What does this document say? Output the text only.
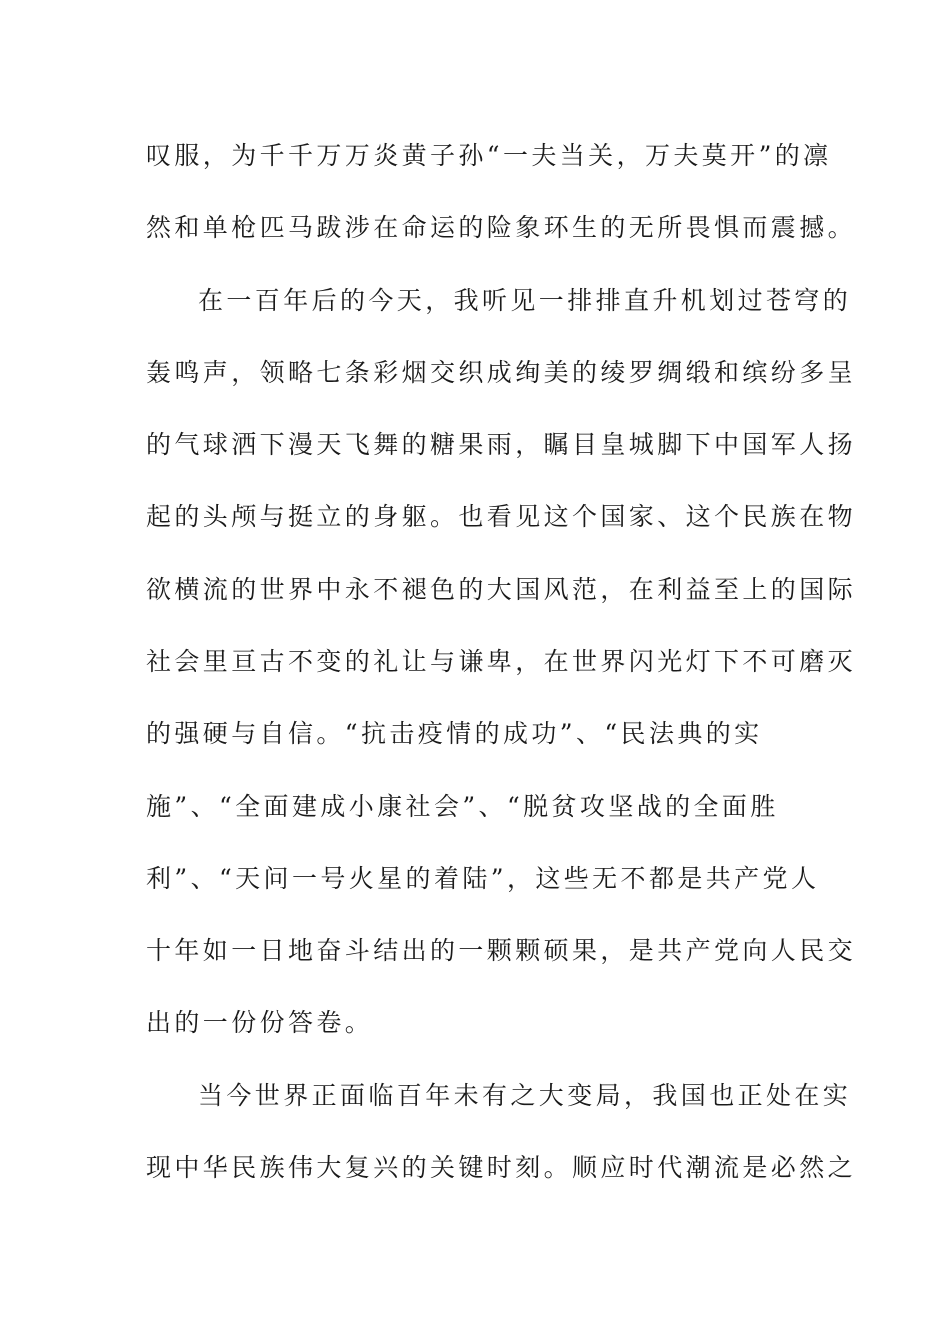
叹服，为千千万万炎黄子孙“一夫当关，万夫莫开”的凛
然和单枪匹马跋涉在命运的险象环生的无所畏惧而震撼。
在一百年后的今天，我听见一排排直升机划过苍穹的
轰鸣声，领略七条彩烟交织成绚美的绫罗绸缎和缤纷多呈
的气球洒下漫天飞舞的糖果雨，瞩目皇城脚下中国军人扬
起的头颅与挺立的身躯。也看见这个国家、这个民族在物
欲横流的世界中永不褪色的大国风范，在利益至上的国际
社会里亘古不变的礼让与谦卑，在世界闪光灯下不可磨灭
的强硬与自信。“抗击疫情的成功”、“民法典的实
施”、“全面建成小康社会”、“脱贫攻坚战的全面胜
利”、“天问一号火星的着陆”，这些无不都是共产党人
十年如一日地奋斗结出的一颗颗硕果，是共产党向人民交
出的一份份答卷。
当今世界正面临百年未有之大变局，我国也正处在实
现中华民族伟大复兴的关键时刻。顺应时代潮流是必然之
